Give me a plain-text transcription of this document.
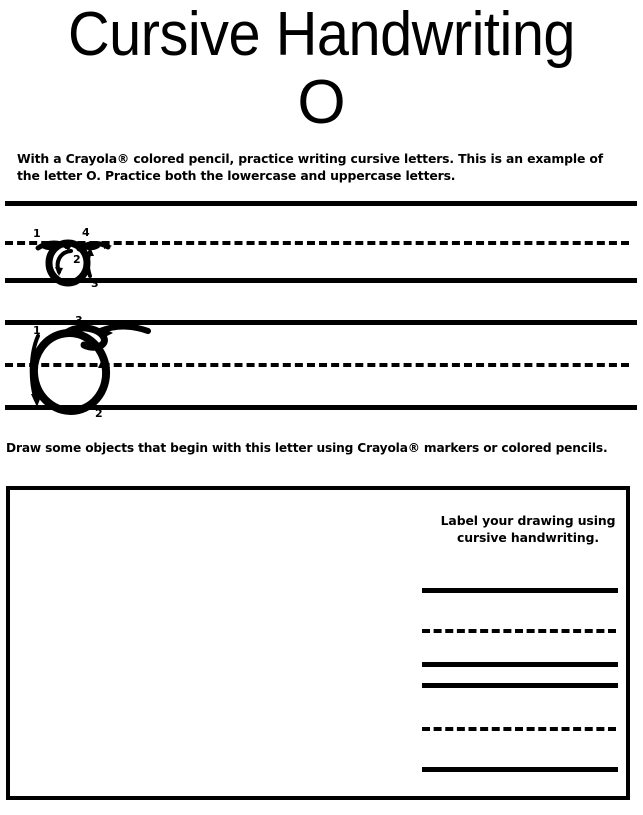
Cursive Handwriting
O
With a Crayola® colored pencil, practice writing cursive letters. This is an example of the letter O. Practice both the lowercase and uppercase letters.
1
2
3
4
1
2
3
Draw some objects that begin with this letter using Crayola® markers or colored pencils.
Label your drawing using cursive handwriting.
